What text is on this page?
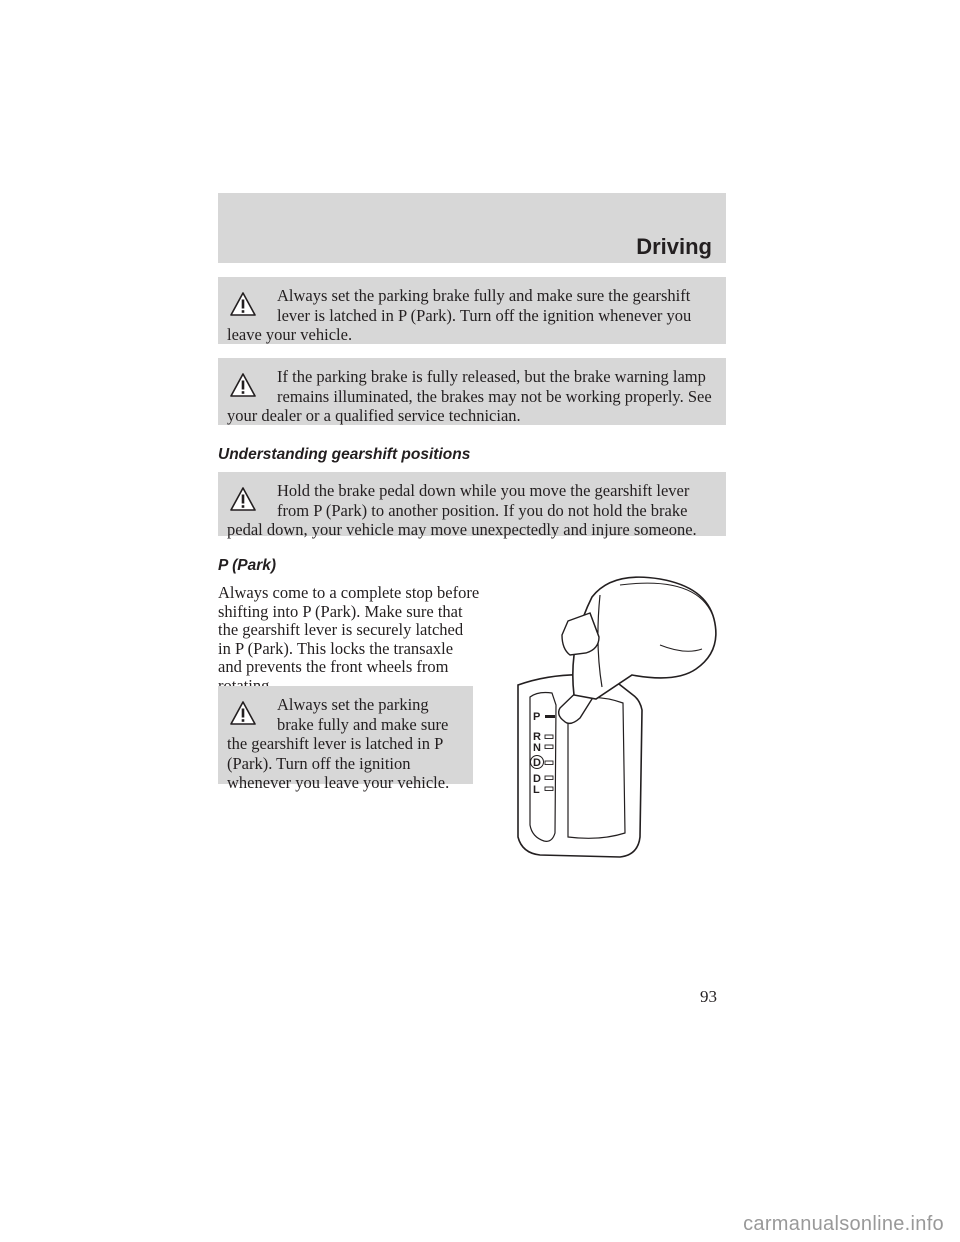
Driving
Always set the parking brake fully and make sure the gearshift lever is latched in P (Park). Turn off the ignition whenever you leave your vehicle.
If the parking brake is fully released, but the brake warning lamp remains illuminated, the brakes may not be working properly. See your dealer or a qualified service technician.
Understanding gearshift positions
Hold the brake pedal down while you move the gearshift lever from P (Park) to another position. If you do not hold the brake pedal down, your vehicle may move unexpectedly and injure someone.
P (Park)
Always come to a complete stop before shifting into P (Park). Make sure that the gearshift lever is securely latched in P (Park). This locks the transaxle and prevents the front wheels from
Always set the parking brake fully and make sure the gearshift lever is latched in P (Park). Turn off the ignition whenever you leave your vehicle.
P
R
N
D
D
L
93
carmanualsonline.info
